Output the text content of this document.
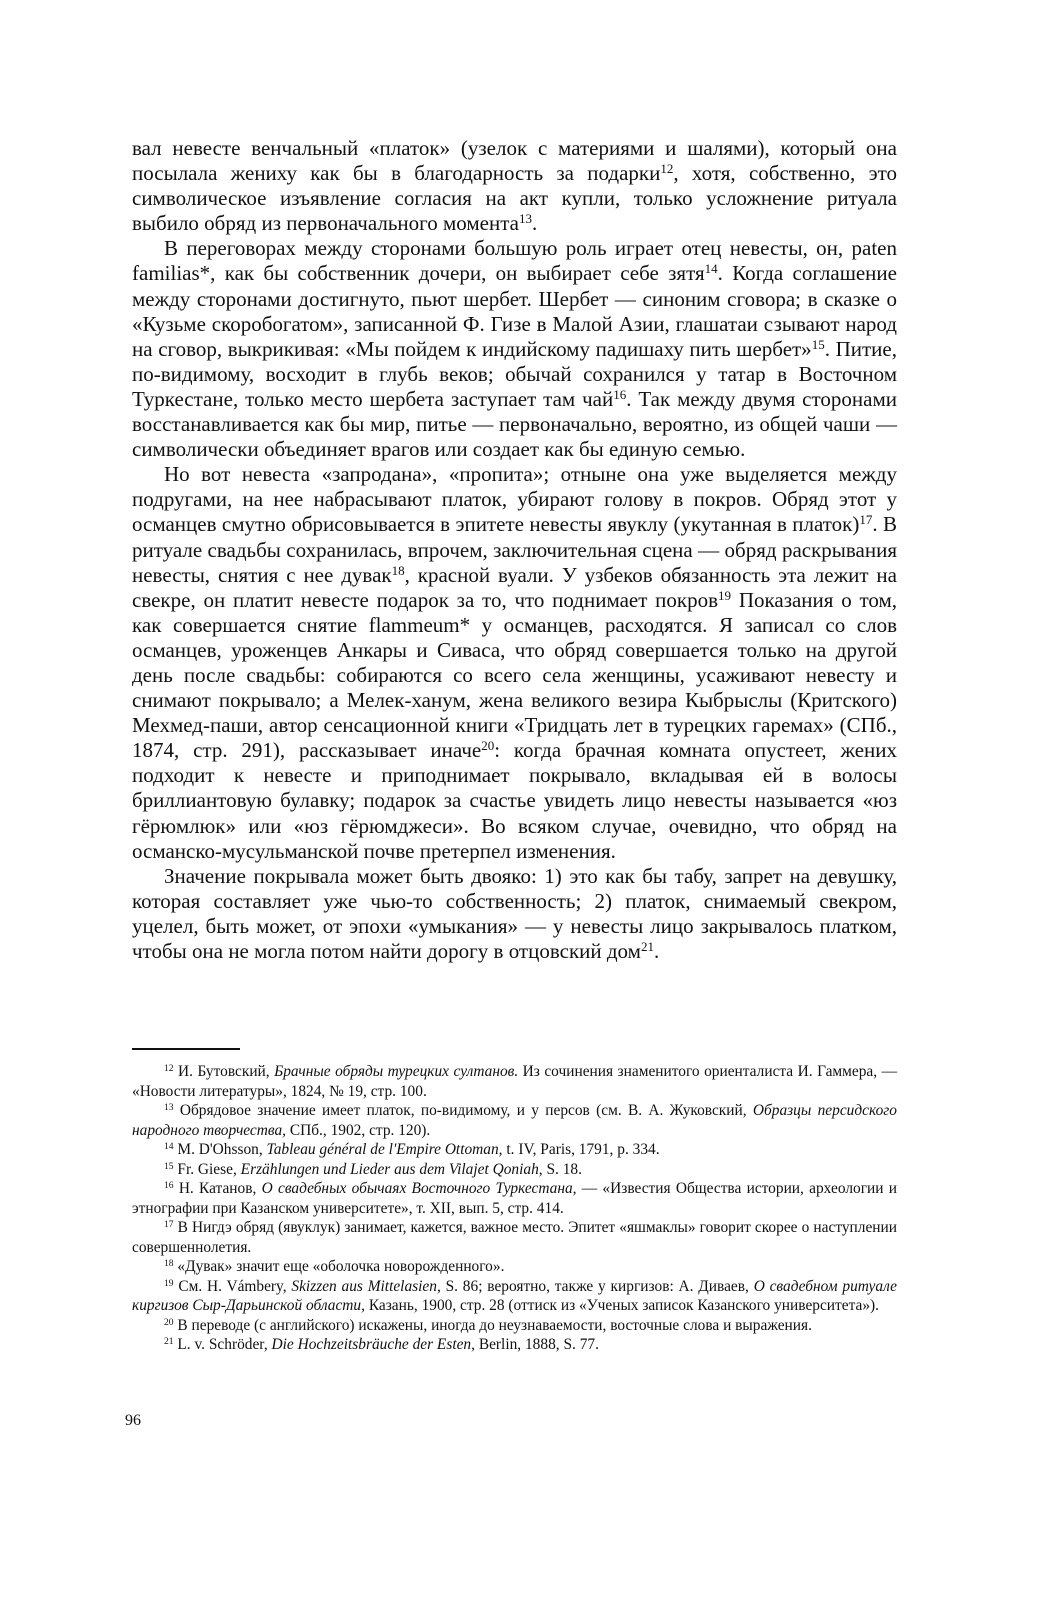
вал невесте венчальный «платок» (узелок с материями и шалями), который она посылала жениху как бы в благодарность за подарки$^{12}$, хотя, собственно, это символическое изъявление согласия на акт купли, только усложнение ритуала выбило обряд из первоначального момента$^{13}$.

В переговорах между сторонами большую роль играет отец невесты, он, paten familias*, как бы собственник дочери, он выбирает себе зятя$^{14}$. Когда соглашение между сторонами достигнуто, пьют шербет. Шербет — синоним сговора; в сказке о «Кузьме скоробогатом», записанной Ф. Гизе в Малой Азии, глашатаи сзывают народ на сговор, выкрикивая: «Мы пойдем к индийскому падишаху пить шербет»$^{15}$. Питие, по-видимому, восходит в глубь веков; обычай сохранился у татар в Восточном Туркестане, только место шербета заступает там чай$^{16}$. Так между двумя сторонами восстанавливается как бы мир, питье — первоначально, вероятно, из общей чаши — символически объединяет врагов или создает как бы единую семью.

Но вот невеста «запродана», «пропита»; отныне она уже выделяется между подругами, на нее набрасывают платок, убирают голову в покров. Обряд этот у османцев смутно обрисовывается в эпитете невесты явуклу (укутанная в платок)$^{17}$. В ритуале свадьбы сохранилась, впрочем, заключительная сцена — обряд раскрывания невесты, снятия с нее дувак$^{18}$, красной вуали. У узбеков обязанность эта лежит на свекре, он платит невесте подарок за то, что поднимает покров$^{19}$ Показания о том, как совершается снятие flammeum* у османцев, расходятся. Я записал со слов османцев, уроженцев Анкары и Сиваса, что обряд совершается только на другой день после свадьбы: собираются со всего села женщины, усаживают невесту и снимают покрывало; а Мелек-ханум, жена великого везира Кыбрыслы (Критского) Мехмед-паши, автор сенсационной книги «Тридцать лет в турецких гаремах» (СПб., 1874, стр. 291), рассказывает иначе$^{20}$: когда брачная комната опустеет, жених подходит к невесте и приподнимает покрывало, вкладывая ей в волосы бриллиантовую булавку; подарок за счастье увидеть лицо невесты называется «юз гёрюмлюк» или «юз гёрюмджеси». Во всяком случае, очевидно, что обряд на османско-мусульманской почве претерпел изменения.

Значение покрывала может быть двояко: 1) это как бы табу, запрет на девушку, которая составляет уже чью-то собственность; 2) платок, снимаемый свекром, уцелел, быть может, от эпохи «умыкания» — у невесты лицо закрывалось платком, чтобы она не могла потом найти дорогу в отцовский дом$^{21}$.

$^{12}$ И. Бутовский, Брачные обряды турецких султанов. Из сочинения знаменитого ориенталиста И. Гаммера, — «Новости литературы», 1824, № 19, стр. 100.

$^{13}$ Обрядовое значение имеет платок, по-видимому, и у персов (см. В. А. Жуковский, Образцы персидского народного творчества, СПб., 1902, стр. 120).

$^{14}$ M. D'Ohsson, Tableau général de l'Empire Ottoman, t. IV, Paris, 1791, p. 334.

$^{15}$ Fr. Giese, Erzählungen und Lieder aus dem Vilajet Qoniah, S. 18.

$^{16}$ Н. Катанов, О свадебных обычаях Восточного Туркестана, — «Известия Общества истории, археологии и этнографии при Казанском университете», т. XII, вып. 5, стр. 414.

$^{17}$ В Нигдэ обряд (явуклук) занимает, кажется, важное место. Эпитет «яшмаклы» говорит скорее о наступлении совершеннолетия.

$^{18}$ «Дувак» значит еще «оболочка новорожденного».

$^{19}$ См. H. Vámbery, Skizzen aus Mittelasien, S. 86; вероятно, также у киргизов: А. Диваев, О свадебном ритуале киргизов Сыр-Дарьинской области, Казань, 1900, стр. 28 (оттиск из «Ученых записок Казанского университета»).

$^{20}$ В переводе (с английского) искажены, иногда до неузнаваемости, восточные слова и выражения.

$^{21}$ L. v. Schröder, Die Hochzeitsbräuche der Esten, Berlin, 1888, S. 77.

96
